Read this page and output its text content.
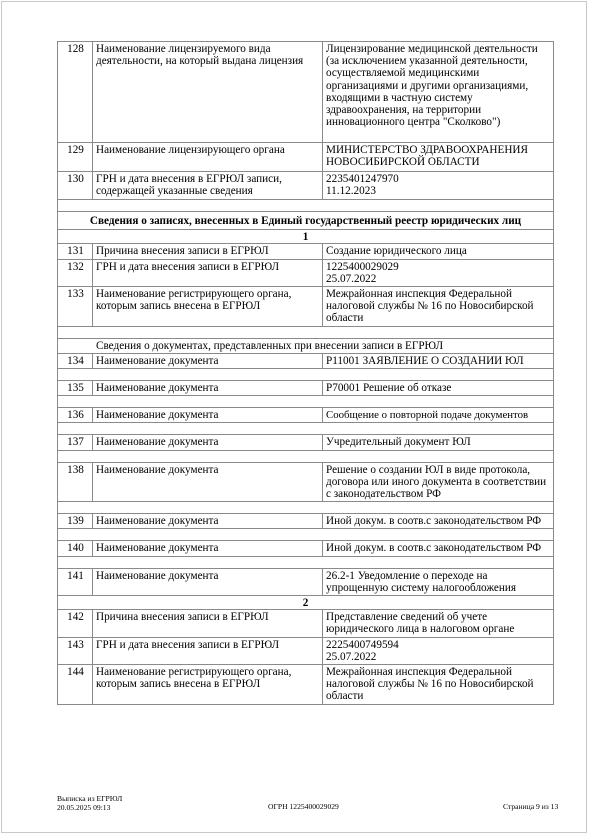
128	Наименование лицензируемого вида деятельности, на который выдана лицензия	Лицензирование медицинской деятельности (за исключением указанной деятельности, осуществляемой медицинскими организациями и другими организациями, входящими в частную систему здравоохранения, на территории инновационного центра "Сколково")
129	Наименование лицензирующего органа	МИНИСТЕРСТВО ЗДРАВООХРАНЕНИЯ НОВОСИБИРСКОЙ ОБЛАСТИ
130	ГРН и дата внесения в ЕГРЮЛ записи, содержащей указанные сведения	2235401247970
11.12.2023

Сведения о записях, внесенных в Единый государственный реестр юридических лиц		
1		
131	Причина внесения записи в ЕГРЮЛ	Создание юридического лица
132	ГРН и дата внесения записи в ЕГРЮЛ	1225400029029
25.07.2022
133	Наименование регистрирующего органа, которым запись внесена в ЕГРЮЛ	Межрайонная инспекция Федеральной налоговой службы № 16 по Новосибирской области

Сведения о документах, представленных при внесении записи в ЕГРЮЛ		
134	Наименование документа	Р11001 ЗАЯВЛЕНИЕ О СОЗДАНИИ ЮЛ

135	Наименование документа	Р70001 Решение об отказе

136	Наименование документа	Сообщение о повторной подаче документов

137	Наименование документа	Учредительный документ ЮЛ

138	Наименование документа	Решение о создании ЮЛ в виде протокола, договора или иного документа в соответствии с законодательством РФ

139	Наименование документа	Иной докум. в соотв.с законодательством РФ

140	Наименование документа	Иной докум. в соотв.с законодательством РФ

141	Наименование документа	26.2-1 Уведомление о переходе на упрощенную систему налогообложения
2		
142	Причина внесения записи в ЕГРЮЛ	Представление сведений об учете юридического лица в налоговом органе
143	ГРН и дата внесения записи в ЕГРЮЛ	2225400749594
25.07.2022
144	Наименование регистрирующего органа, которым запись внесена в ЕГРЮЛ	Межрайонная инспекция Федеральной налоговой службы № 16 по Новосибирской области
Выписка из ЕГРЮЛ
20.05.2025 09:13	ОГРН 1225400029029	Страница 9 из 13
